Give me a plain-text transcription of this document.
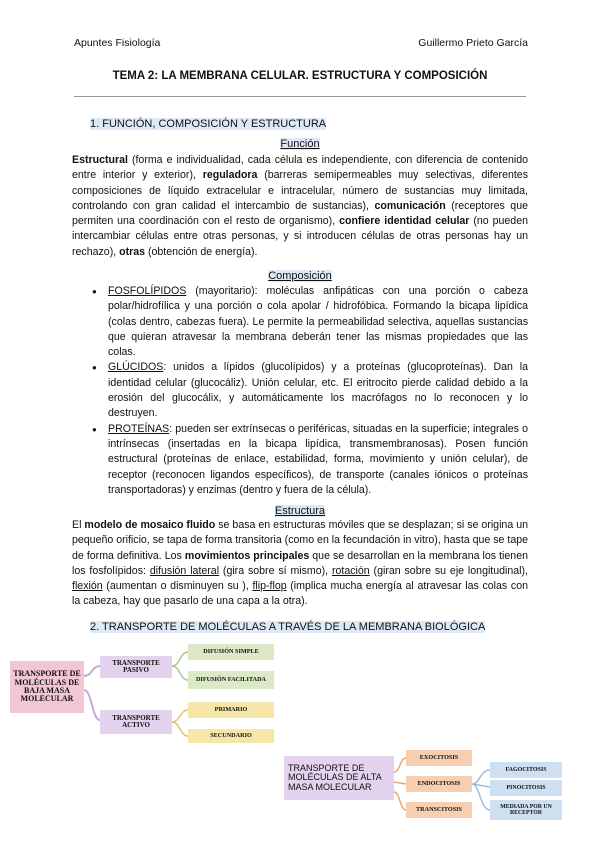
Apuntes Fisiología	Guillermo Prieto García
TEMA 2: LA MEMBRANA CELULAR. ESTRUCTURA Y COMPOSICIÓN
1. FUNCIÓN, COMPOSICIÓN Y ESTRUCTURA
Función
Estructural (forma e individualidad, cada célula es independiente, con diferencia de contenido entre interior y exterior), reguladora (barreras semipermeables muy selectivas, diferentes composiciones de líquido extracelular e intracelular, número de sustancias muy limitada, controlando con gran calidad el intercambio de sustancias), comunicación (receptores que permiten una coordinación con el resto de organismo), confiere identidad celular (no pueden intercambiar células entre otras personas, y si introducen células de otras personas hay un rechazo), otras (obtención de energía).
Composición
● FOSFOLÍPIDOS (mayoritario): moléculas anfipáticas con una porción o cabeza polar/hidrofílica y una porción o cola apolar / hidrofóbica. Formando la bicapa lipídica (colas dentro, cabezas fuera). Le permite la permeabilidad selectiva, aquellas sustancias que quieran atravesar la membrana deberán tener las mismas propiedades que las colas.
● GLÚCIDOS: unidos a lípidos (glucolípidos) y a proteínas (glucoproteínas). Dan la identidad celular (glucocáliz). Unión celular, etc. El eritrocito pierde calidad debido a la erosión del glucocálix, y automáticamente los macrófagos no lo reconocen y lo destruyen.
● PROTEÍNAS: pueden ser extrínsecas o periféricas, situadas en la superficie; integrales o intrínsecas (insertadas en la bicapa lipídica, transmembranosas). Posen función estructural (proteínas de enlace, estabilidad, forma, movimiento y unión celular), de receptor (reconocen ligandos específicos), de transporte (canales iónicos o proteínas transportadoras) y enzimas (dentro y fuera de la célula).
Estructura
El modelo de mosaico fluido se basa en estructuras móviles que se desplazan; si se origina un pequeño orificio, se tapa de forma transitoria (como en la fecundación in vitro), hasta que se tape de forma definitiva. Los movimientos principales que se desarrollan en la membrana los tienen los fosfolípidos: difusión lateral (gira sobre sí mismo), rotación (giran sobre su eje longitudinal), flexión (aumentan o disminuyen su ), flip-flop (implica mucha energía al atravesar las colas con la cabeza, hay que pasarlo de una capa a la otra).
2. TRANSPORTE DE MOLÉCULAS A TRAVÉS DE LA MEMBRANA BIOLÓGICA
TRANSPORTE DE MOLÉCULAS DE BAJA MASA MOLECULAR
TRANSPORTE PASIVO
TRANSPORTE ACTIVO
DIFUSIÓN SIMPLE
DIFUSIÓN FACILITADA
PRIMARIO
SECUNDARIO
TRANSPORTE DE MOLÉCULAS DE ALTA MASA MOLECULAR
EXOCITOSIS
ENDOCITOSIS
TRANSCITOSIS
FAGOCITOSIS
PINOCITOSIS
MEDIADA POR UN RECEPTOR
